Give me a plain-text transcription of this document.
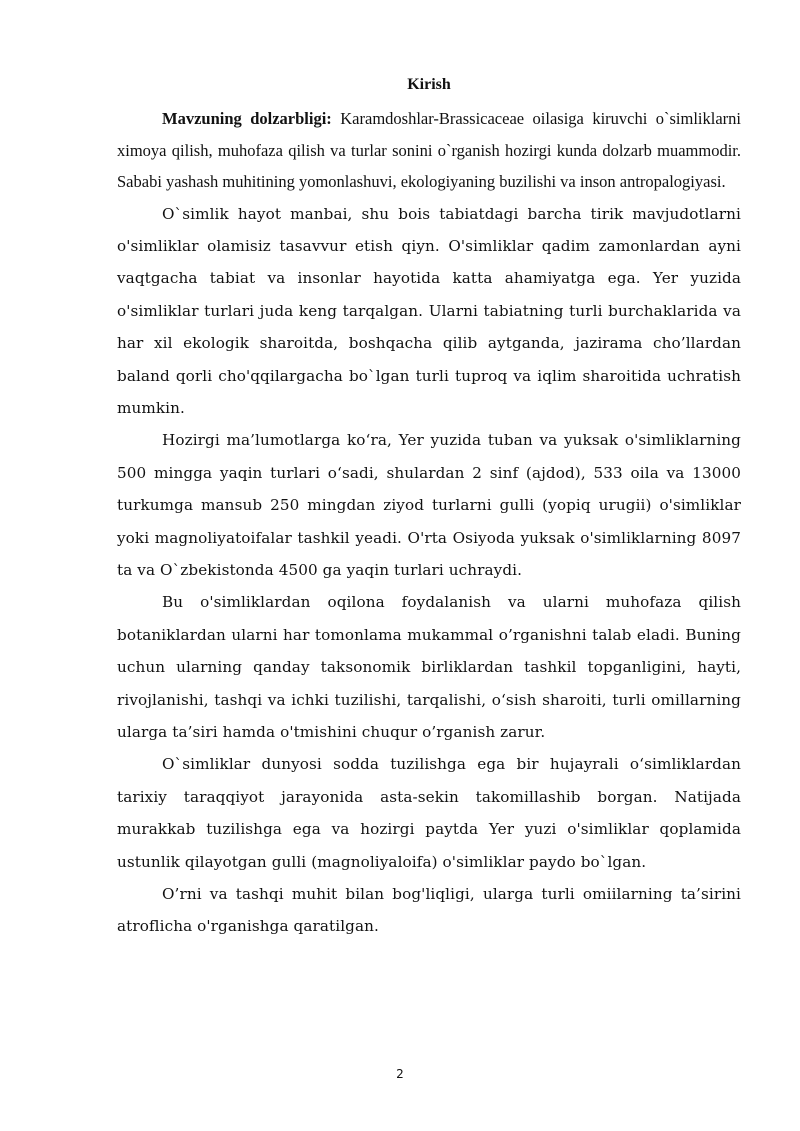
Kirish

Mavzuning dolzarbligi: Karamdoshlar-Brassicaceae oilasiga kiruvchi o`simliklarni ximoya qilish, muhofaza qilish va turlar sonini o`rganish hozirgi kunda dolzarb muammodir. Sababi yashash muhitining yomonlashuvi, ekologiyaning buzilishi va inson antropalogiyasi.

O`simlik hayot manbai, shu bois tabiatdagi barcha tirik mavjudotlarni o'simliklar olamisiz tasavvur etish qiyn. O'simliklar qadim zamonlardan ayni vaqtgacha tabiat va insonlar hayotida katta ahamiyatga ega. Yer yuzida o'simliklar turlari juda keng tarqalgan. Ularni tabiatning turli burchaklarida va har xil ekologik sharoitda, boshqacha qilib aytganda, jazirama cho’llardan baland qorli cho'qqilargacha bo`lgan turli tuproq va iqlim sharoitida uchratish mumkin.

Hozirgi ma’lumotlarga ko‘ra, Yer yuzida tuban va yuksak o'simliklarning 500 mingga yaqin turlari o‘sadi, shulardan 2 sinf (ajdod), 533 oila va 13000 turkumga mansub 250 mingdan ziyod turlarni gulli (yopiq urugii) o'simliklar yoki magnoliyatoifalar tashkil yeadi. O'rta Osiyoda yuksak o'simliklarning 8097 ta va O`zbekistonda 4500 ga yaqin turlari uchraydi.

Bu o'simliklardan oqilona foydalanish va ularni muhofaza qilish botaniklardan ularni har tomonlama mukammal o’rganishni talab eladi. Buning uchun ularning qanday taksonomik birliklardan tashkil topganligini, hayti, rivojlanishi, tashqi va ichki tuzilishi, tarqalishi, o‘sish sharoiti, turli omillarning ularga ta’siri hamda o'tmishini chuqur o’rganish zarur.

O`simliklar dunyosi sodda tuzilishga ega bir hujayrali o‘simliklardan tarixiy taraqqiyot jarayonida asta-sekin takomillashib borgan. Natijada murakkab tuzilishga ega va hozirgi paytda Yer yuzi o'simliklar qoplamida ustunlik qilayotgan gulli (magnoliyaloifa) o'simliklar paydo bo`lgan.

O’rni va tashqi muhit bilan bog'liqligi, ularga turli omiilarning ta’sirini atroflicha o'rganishga qaratilgan.

2
